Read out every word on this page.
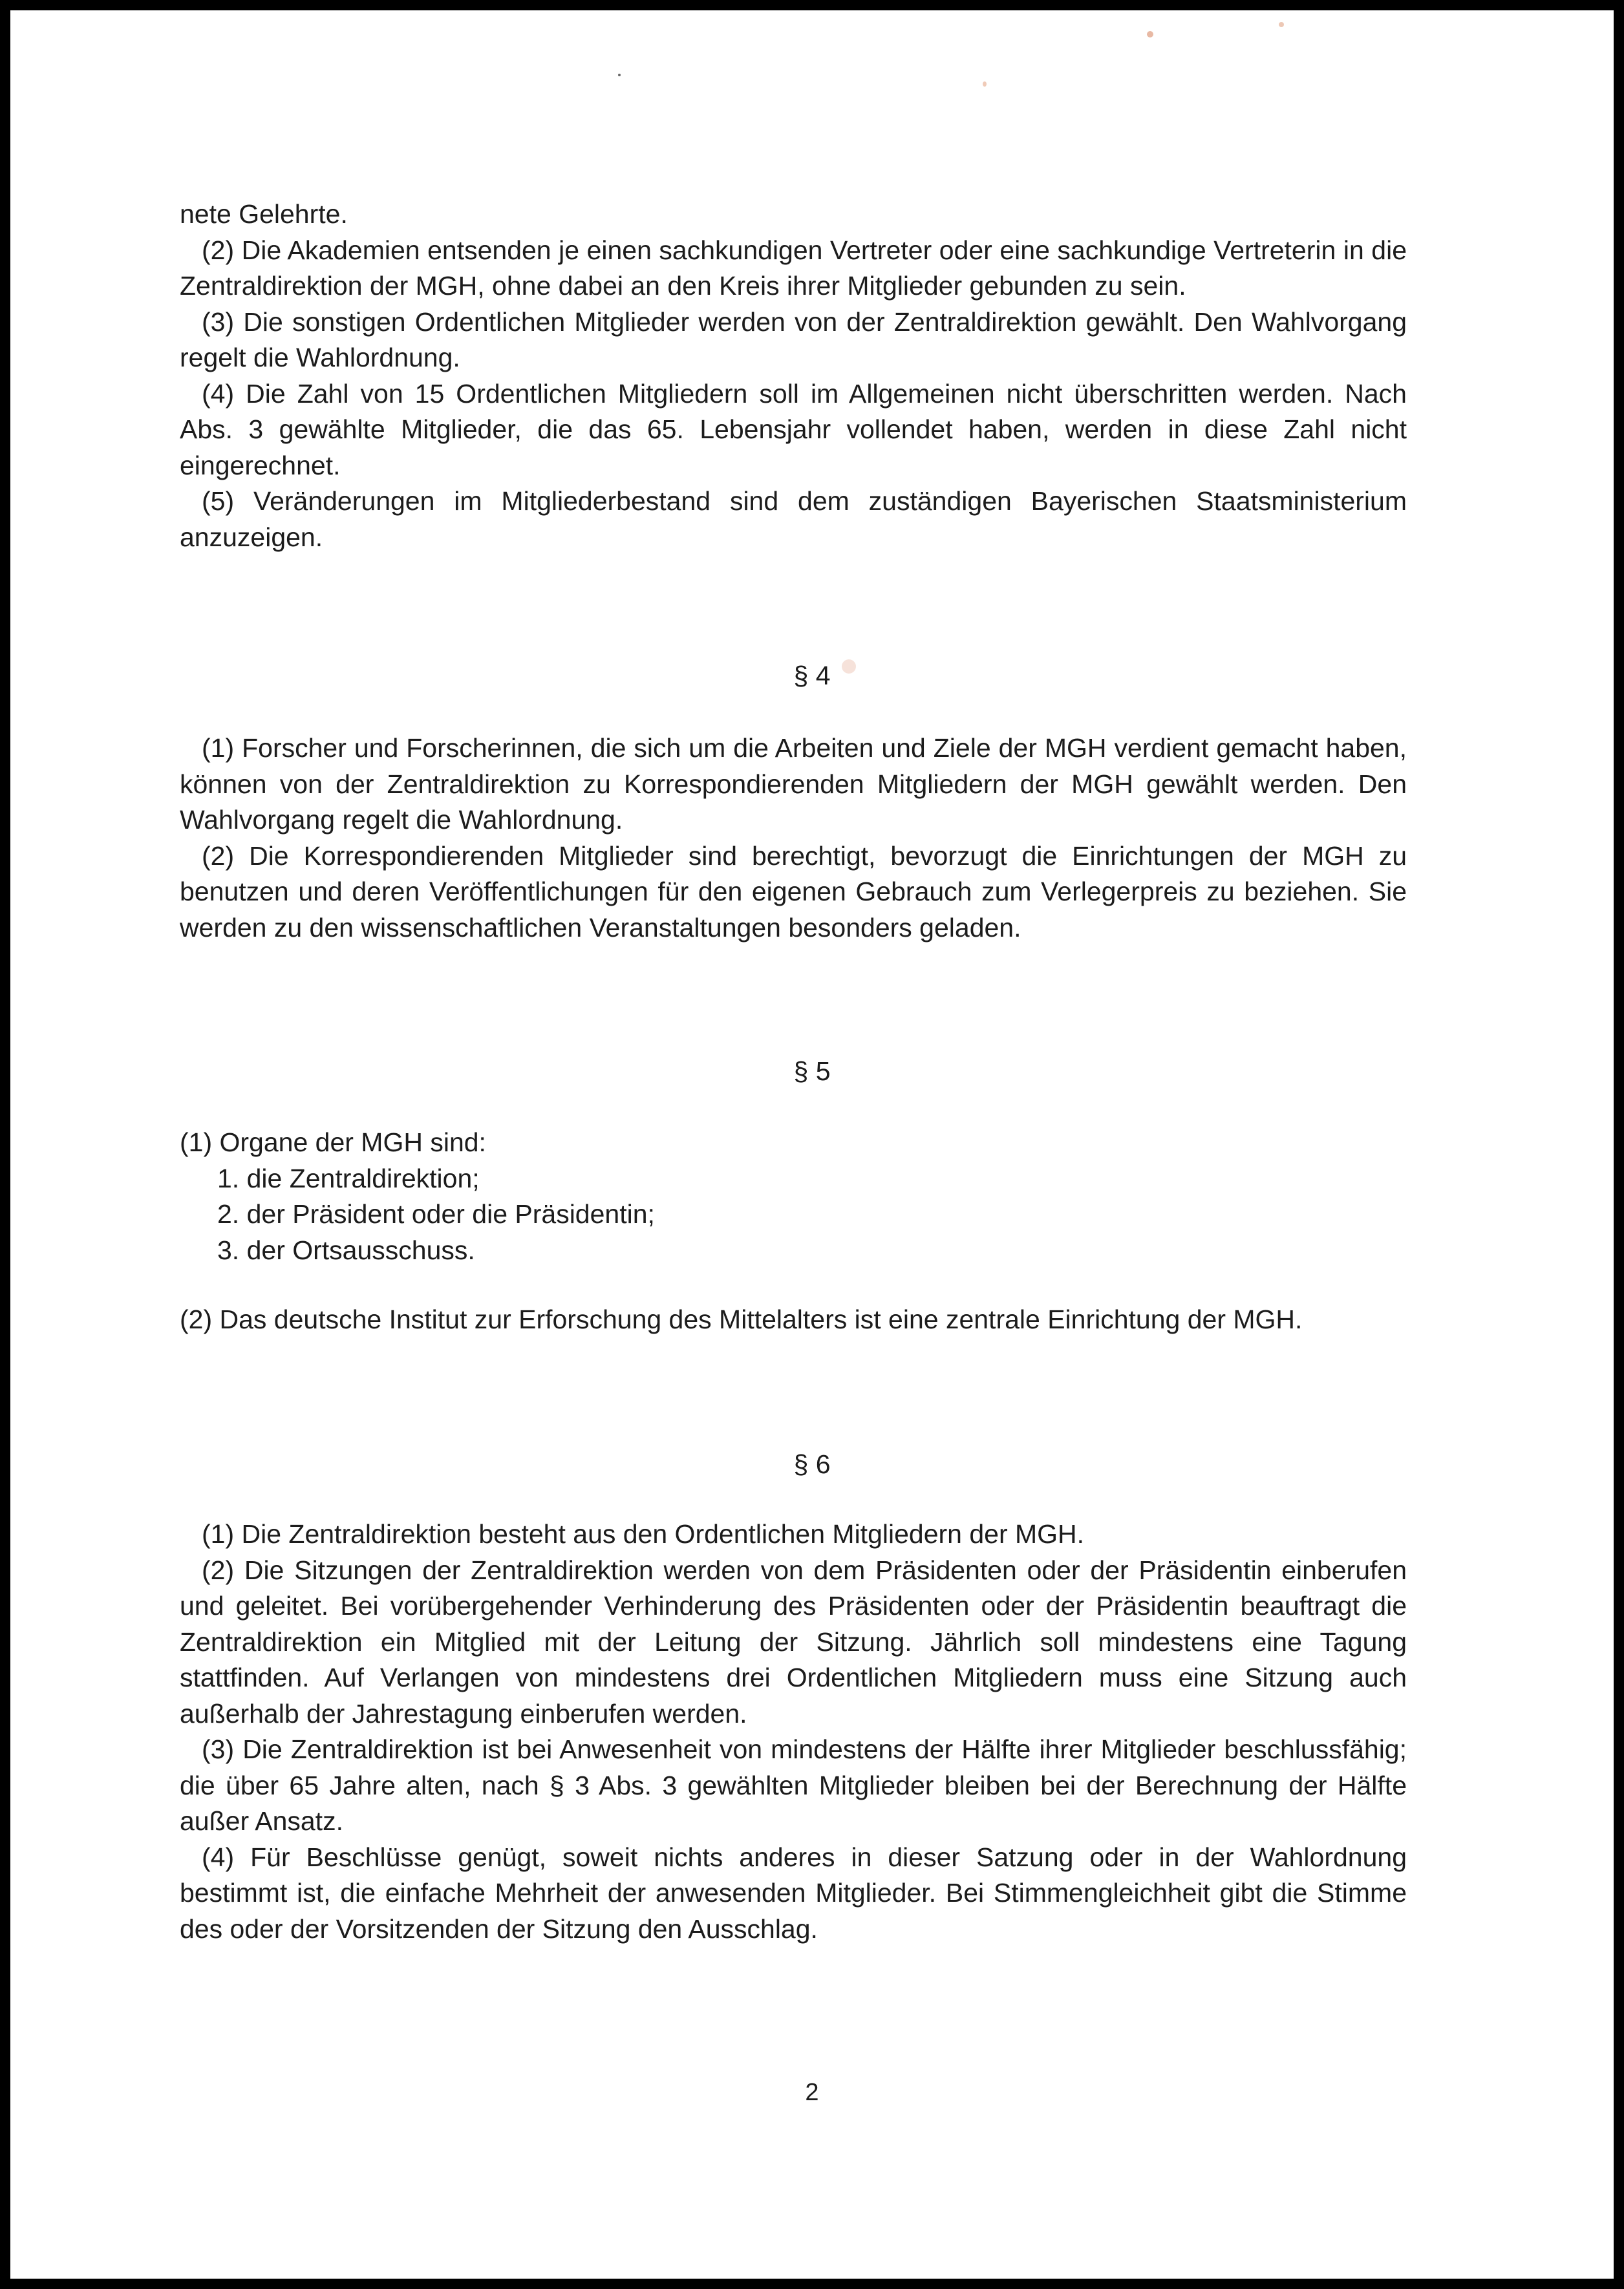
nete Gelehrte.

(2) Die Akademien entsenden je einen sachkundigen Vertreter oder eine sachkundige Vertreterin in die Zentraldirektion der MGH, ohne dabei an den Kreis ihrer Mitglieder gebunden zu sein.

(3) Die sonstigen Ordentlichen Mitglieder werden von der Zentraldirektion gewählt. Den Wahlvorgang regelt die Wahlordnung.

(4) Die Zahl von 15 Ordentlichen Mitgliedern soll im Allgemeinen nicht überschritten werden. Nach Abs. 3 gewählte Mitglieder, die das 65. Lebensjahr vollendet haben, werden in diese Zahl nicht eingerechnet.

(5) Veränderungen im Mitgliederbestand sind dem zuständigen Bayerischen Staatsministerium anzuzeigen.

§ 4

(1) Forscher und Forscherinnen, die sich um die Arbeiten und Ziele der MGH verdient gemacht haben, können von der Zentraldirektion zu Korrespondierenden Mitgliedern der MGH gewählt werden. Den Wahlvorgang regelt die Wahlordnung.

(2) Die Korrespondierenden Mitglieder sind berechtigt, bevorzugt die Einrichtungen der MGH zu benutzen und deren Veröffentlichungen für den eigenen Gebrauch zum Verlegerpreis zu beziehen. Sie werden zu den wissenschaftlichen Veranstaltungen besonders geladen.

§ 5

(1) Organe der MGH sind:

1. die Zentraldirektion;
2. der Präsident oder die Präsidentin;
3. der Ortsausschuss.

(2) Das deutsche Institut zur Erforschung des Mittelalters ist eine zentrale Einrichtung der MGH.

§ 6

(1) Die Zentraldirektion besteht aus den Ordentlichen Mitgliedern der MGH.

(2) Die Sitzungen der Zentraldirektion werden von dem Präsidenten oder der Präsidentin einberufen und geleitet. Bei vorübergehender Verhinderung des Präsidenten oder der Präsidentin beauftragt die Zentraldirektion ein Mitglied mit der Leitung der Sitzung. Jährlich soll mindestens eine Tagung stattfinden. Auf Verlangen von mindestens drei Ordentlichen Mitgliedern muss eine Sitzung auch außerhalb der Jahrestagung einberufen werden.

(3) Die Zentraldirektion ist bei Anwesenheit von mindestens der Hälfte ihrer Mitglieder beschlussfähig; die über 65 Jahre alten, nach § 3 Abs. 3 gewählten Mitglieder bleiben bei der Berechnung der Hälfte außer Ansatz.

(4) Für Beschlüsse genügt, soweit nichts anderes in dieser Satzung oder in der Wahlordnung bestimmt ist, die einfache Mehrheit der anwesenden Mitglieder. Bei Stimmengleichheit gibt die Stimme des oder der Vorsitzenden der Sitzung den Ausschlag.

2
